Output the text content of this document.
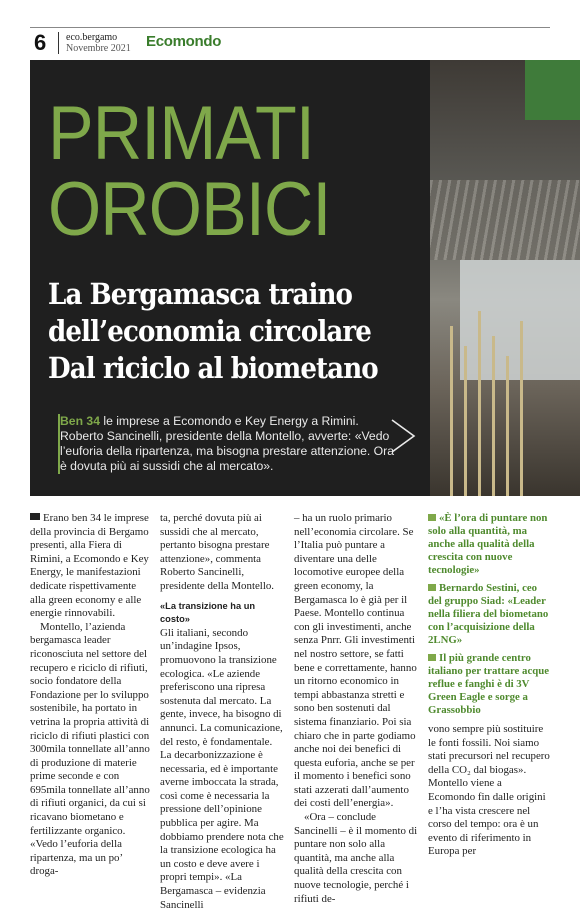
6 eco.bergamo
Novembre 2021 Ecomondo
PRIMATI
OROBICI
La Bergamasca traino
dell’economia circolare
Dal riciclo al biometano
Ben 34 le imprese a Ecomondo e Key Energy a Rimini. Roberto Sancinelli, presidente della Montello, avverte: «Vedo l’euforia della ripartenza, ma bisogna prestare attenzione. Ora è dovuta più ai sussidi che al mercato».

Erano ben 34 le imprese della provincia di Bergamo presenti, alla Fiera di Rimini, a Ecomondo e Key Energy, le manifestazioni dedicate rispettivamente alla green economy e alle energie rinnovabili.

Montello, l’azienda bergamasca leader riconosciuta nel settore del recupero e riciclo di rifiuti, socio fondatore della Fondazione per lo sviluppo sostenibile, ha portato in vetrina la propria attività di riciclo di rifiuti plastici con 300mila tonnellate all’anno di produzione di materie prime seconde e con 695mila tonnellate all’anno di rifiuti organici, da cui si ricavano biometano e fertilizzante organico. «Vedo l’euforia della ripartenza, ma un po’ droga-

ta, perché dovuta più ai sussidi che al mercato, pertanto bisogna prestare attenzione», commenta Roberto Sancinelli, presidente della Montello.

«La transizione ha un costo»

Gli italiani, secondo un’indagine Ipsos, promuovono la transizione ecologica. «Le aziende preferiscono una ripresa sostenuta dal mercato. La gente, invece, ha bisogno di annunci. La comunicazione, del resto, è fondamentale. La decarbonizzazione è necessaria, ed è importante averne imboccata la strada, così come è necessaria la pressione dell’opinione pubblica per agire. Ma dobbiamo prendere nota che la transizione ecologica ha un costo e deve avere i propri tempi». «La Bergamasca – evidenzia Sancinelli

– ha un ruolo primario nell’economia circolare. Se l’Italia può puntare a diventare una delle locomotive europee della green economy, la Bergamasca lo è già per il Paese. Montello continua con gli investimenti, anche senza Pnrr. Gli investimenti nel nostro settore, se fatti bene e correttamente, hanno un ritorno economico in tempi abbastanza stretti e sono ben sostenuti dal sistema finanziario. Poi sia chiaro che in parte godiamo anche noi dei benefici di questa euforia, anche se per il momento i benefici sono stati azzerati dall’aumento dei costi dell’energia».

«Ora – conclude Sancinelli – è il momento di puntare non solo alla quantità, ma anche alla qualità della crescita con nuove tecnologie, perché i rifiuti de-

«È l’ora di puntare non solo alla quantità, ma anche alla qualità della crescita con nuove tecnologie»
Bernardo Sestini, ceo del gruppo Siad: «Leader nella filiera del biometano con l’acquisizione della 2LNG»
Il più grande centro italiano per trattare acque reflue e fanghi è di 3V Green Eagle e sorge a Grassobbio

vono sempre più sostituire le fonti fossili. Noi siamo stati precursori nel recupero della CO₂ dal biogas». Montello viene a Ecomondo fin dalle origini e l’ha vista crescere nel corso del tempo: ora è un evento di riferimento in Europa per
